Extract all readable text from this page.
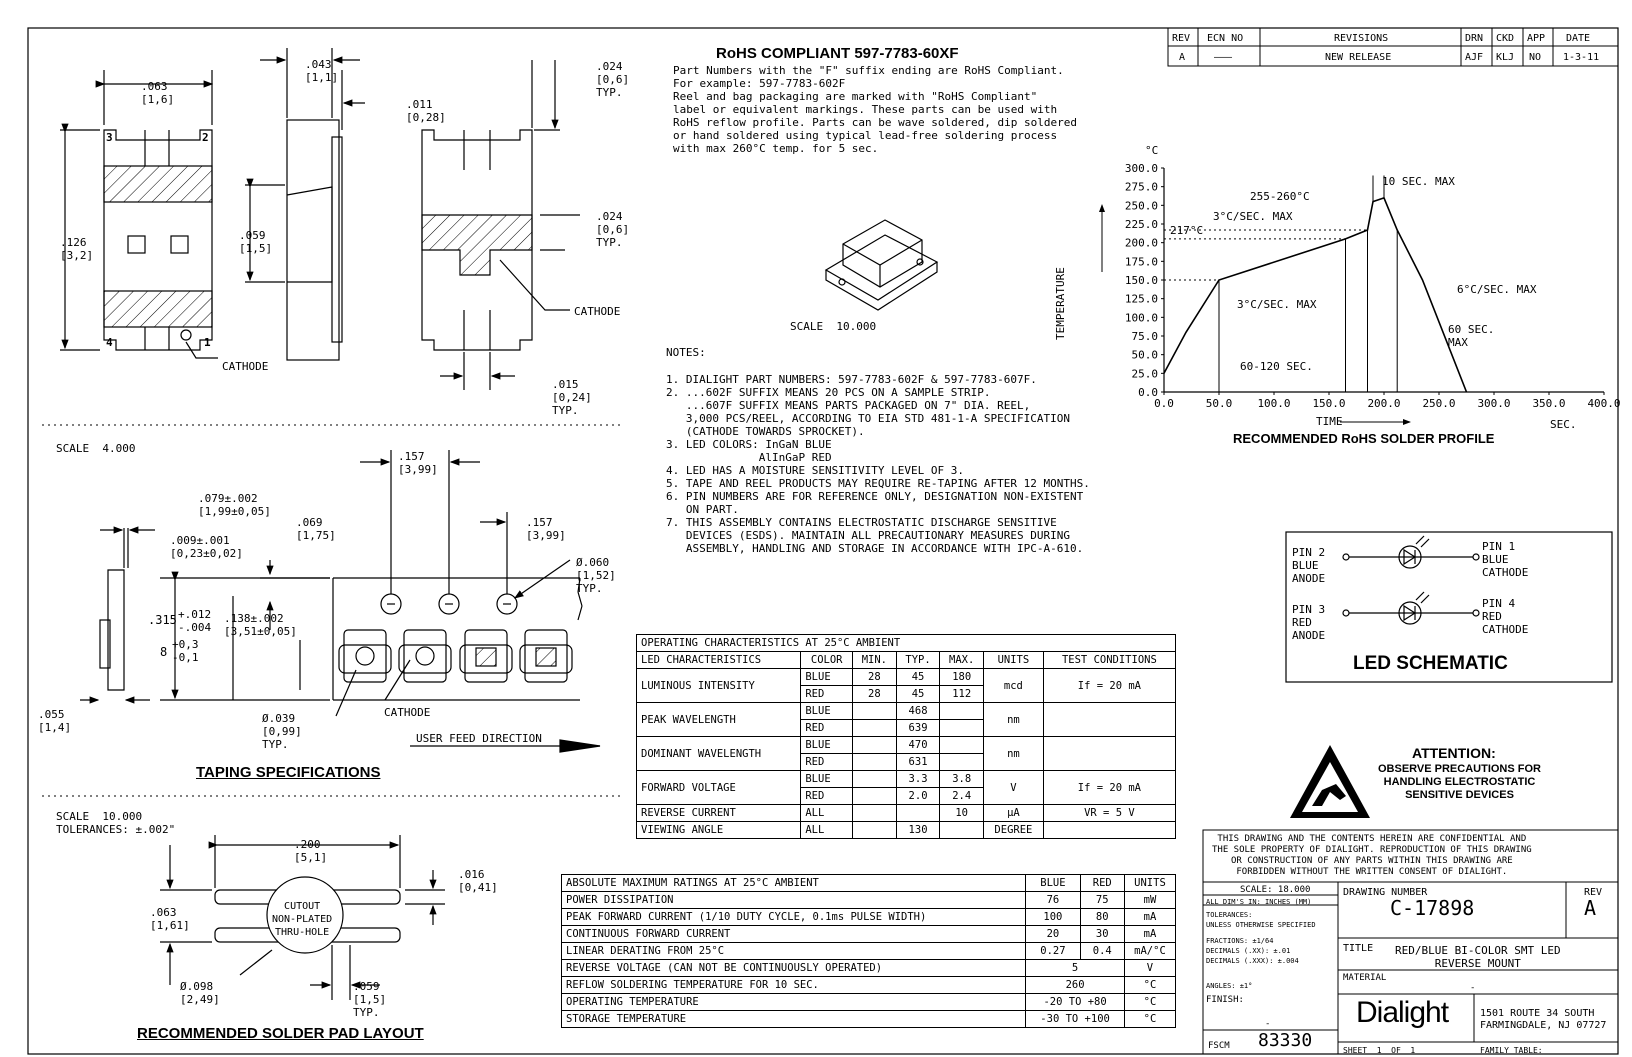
0.0
25.0
50.0
75.0
100.0
125.0
150.0
175.0
200.0
225.0
250.0
275.0
300.0
0.0	50.0 100.0 150.0 200.0 250.0 300.0 350.0 400.0
REV ECN NO	REVISIONS	DRN CKD APP DATE
A	———	NEW RELEASE	AJF KLJ NO 1-3-11
RoHS COMPLIANT 597-7783-60XF
Part Numbers with the "F" suffix ending are RoHS Compliant.
For example: 597-7783-602F
Reel and bag packaging are marked with "RoHS Compliant"
label or equivalent markings. These parts can be used with
RoHS reflow profile. Parts can be wave soldered, dip soldered
or hand soldered using typical lead-free soldering process
with max 260°C temp. for 5 sec.
.063
[1,6]
.126
[3,2]
.043
[1,1]
.011
[0,28]
.059
[1,5]
.024
[0,6]
TYP.
.024
[0,6]
TYP.
.015
[0,24]
TYP.
1
2
3
4
CATHODE
CATHODE
SCALE  4.000
SCALE  10.000
NOTES:
1. DIALIGHT PART NUMBERS: 597-7783-602F & 597-7783-607F.
2. ...602F SUFFIX MEANS 20 PCS ON A SAMPLE STRIP.
...607F SUFFIX MEANS PARTS PACKAGED ON 7" DIA. REEL,
3,000 PCS/REEL, ACCORDING TO EIA STD 481-1-A SPECIFICATION
(CATHODE TOWARDS SPROCKET).
3. LED COLORS: InGaN BLUE
AlInGaP RED
4. LED HAS A MOISTURE SENSITIVITY LEVEL OF 3.
5. TAPE AND REEL PRODUCTS MAY REQUIRE RE-TAPING AFTER 12 MONTHS.
6. PIN NUMBERS ARE FOR REFERENCE ONLY, DESIGNATION NON-EXISTENT
ON PART.
7. THIS ASSEMBLY CONTAINS ELECTROSTATIC DISCHARGE SENSITIVE
DEVICES (ESDS). MAINTAIN ALL PRECAUTIONARY MEASURES DURING
ASSEMBLY, HANDLING AND STORAGE IN ACCORDANCE WITH IPC-A-610.
°C
TEMPERATURE
TIME	SEC.
10 SEC. MAX
255-260°C
3°C/SEC. MAX
217°C
6°C/SEC. MAX
3°C/SEC. MAX
60 SEC.
MAX
60-120 SEC.
RECOMMENDED RoHS SOLDER PROFILE
.157
[3,99]
.079±.002
[1,99±0,05]
.069
[1,75]
.157
[3,99]
.009±.001
[0,23±0,02]
Ø.060
[1,52]
TYP.
.315 +.012
-.004
8
+0,3
-0,1
.138±.002
[3,51±0,05]
.055
[1,4]
Ø.039
[0,99]
TYP.
CATHODE
USER FEED DIRECTION
TAPING SPECIFICATIONS
SCALE  10.000
TOLERANCES: ±.002"
.200
[5,1]
.016
[0,41]
.063
[1,61]
Ø.098
[2,49]
.059
[1,5]
TYP.
CUTOUT
NON-PLATED
THRU-HOLE
RECOMMENDED SOLDER PAD LAYOUT
OPERATING CHARACTERISTICS AT 25°C AMBIENT						
LED CHARACTERISTICS	COLOR	MIN.	TYP.	MAX.	UNITS	TEST CONDITIONS
LUMINOUS INTENSITY	BLUE	28	45	180	mcd	If = 20 mA
	RED	28	45	112		
PEAK WAVELENGTH	BLUE		468		nm	
	RED		639			
DOMINANT WAVELENGTH	BLUE		470		nm	
	RED		631			
FORWARD VOLTAGE	BLUE		3.3	3.8	V	If = 20 mA
	RED		2.0	2.4		
REVERSE CURRENT	ALL			10	µA	VR = 5 V
VIEWING ANGLE	ALL		130		DEGREE	
ABSOLUTE MAXIMUM RATINGS AT 25°C AMBIENT	BLUE	RED	UNITS
POWER DISSIPATION	76	75	mW
PEAK FORWARD CURRENT (1/10 DUTY CYCLE, 0.1ms PULSE WIDTH)	100	80	mA
CONTINUOUS FORWARD CURRENT	20	30	mA
LINEAR DERATING FROM 25°C	0.27	0.4	mA/°C
REVERSE VOLTAGE (CAN NOT BE CONTINUOUSLY OPERATED)	5		V
REFLOW SOLDERING TEMPERATURE FOR 10 SEC.	260		°C
OPERATING TEMPERATURE	-20 TO +80		°C
STORAGE TEMPERATURE	-30 TO +100		°C
PIN 2
BLUE
ANODE
PIN 1
BLUE
CATHODE
PIN 3
RED
ANODE
PIN 4
RED
CATHODE
LED SCHEMATIC
ATTENTION:
OBSERVE PRECAUTIONS FOR
HANDLING ELECTROSTATIC
SENSITIVE DEVICES
THIS DRAWING AND THE CONTENTS HEREIN ARE CONFIDENTIAL AND
THE SOLE PROPERTY OF DIALIGHT. REPRODUCTION OF THIS DRAWING
OR CONSTRUCTION OF ANY PARTS WITHIN THIS DRAWING ARE
FORBIDDEN WITHOUT THE WRITTEN CONSENT OF DIALIGHT.
SCALE: 18.000
ALL DIM'S IN: INCHES (MM)
TOLERANCES:
UNLESS OTHERWISE SPECIFIED
FRACTIONS: ±1/64
DECIMALS (.XX): ±.01
DECIMALS (.XXX): ±.004
ANGLES: ±1°
FINISH:
-
FSCM 83330
DRAWING NUMBER
C-17898
REV
A
TITLE RED/BLUE BI-COLOR SMT LED
REVERSE MOUNT
MATERIAL
-
Dialight	1501 ROUTE 34 SOUTH
FARMINGDALE, NJ 07727
SHEET  1  OF  1	FAMILY TABLE:
